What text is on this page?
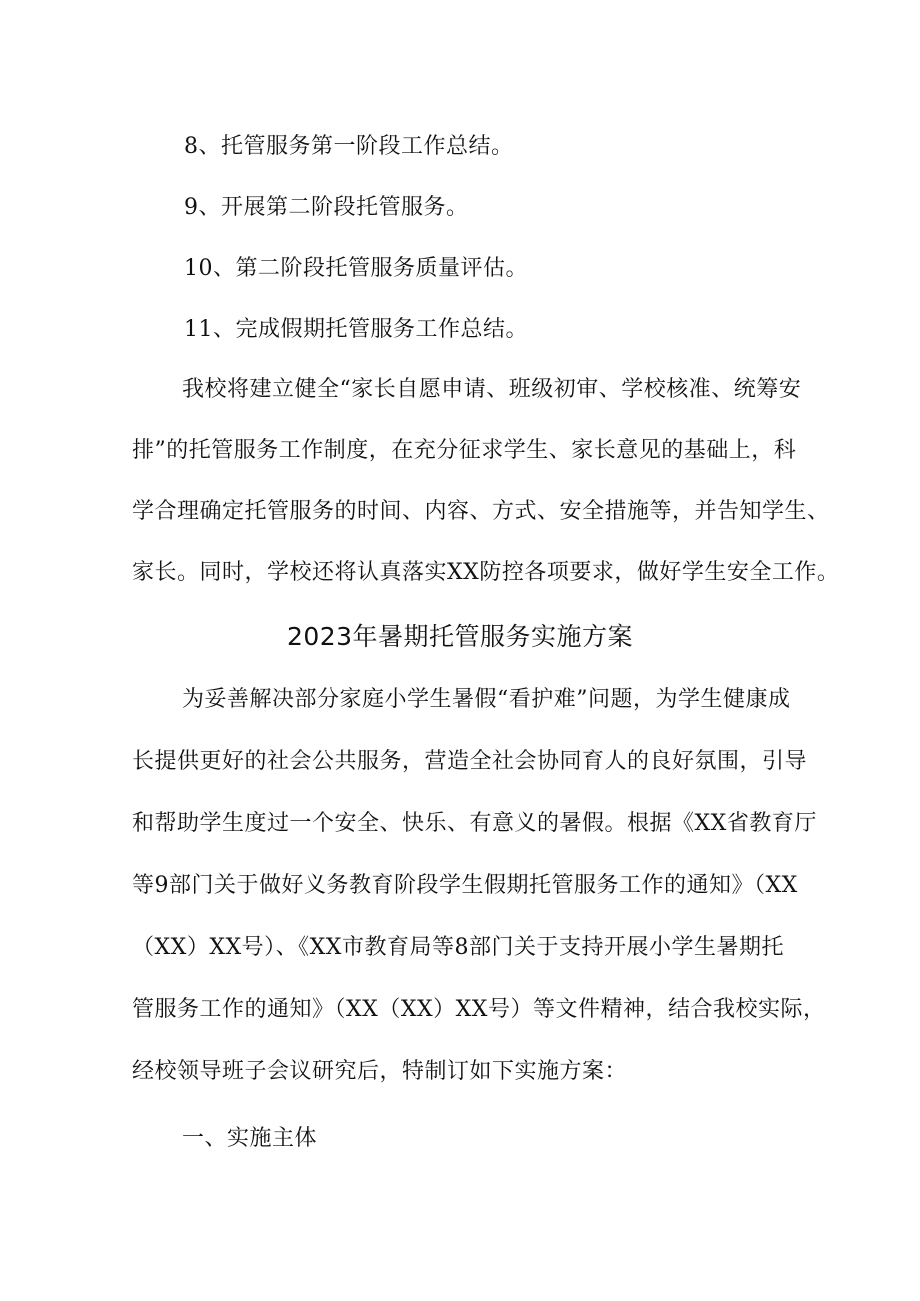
8、托管服务第一阶段工作总结。
9、开展第二阶段托管服务。
10、第二阶段托管服务质量评估。
11、完成假期托管服务工作总结。
我校将建立健全“家长自愿申请、班级初审、学校核准、统筹安
排”的托管服务工作制度，在充分征求学生、家长意见的基础上，科
学合理确定托管服务的时间、内容、方式、安全措施等，并告知学生、
家长。同时，学校还将认真落实XX防控各项要求，做好学生安全工作。
2023年暑期托管服务实施方案
为妥善解决部分家庭小学生暑假“看护难”问题，为学生健康成
长提供更好的社会公共服务，营造全社会协同育人的良好氛围，引导
和帮助学生度过一个安全、快乐、有意义的暑假。根据《XX省教育厅
等9部门关于做好义务教育阶段学生假期托管服务工作的通知》（XX
（XX）XX号）、《XX市教育局等8部门关于支持开展小学生暑期托
管服务工作的通知》（XX（XX）XX号）等文件精神，结合我校实际，
经校领导班子会议研究后，特制订如下实施方案：
一、实施主体
